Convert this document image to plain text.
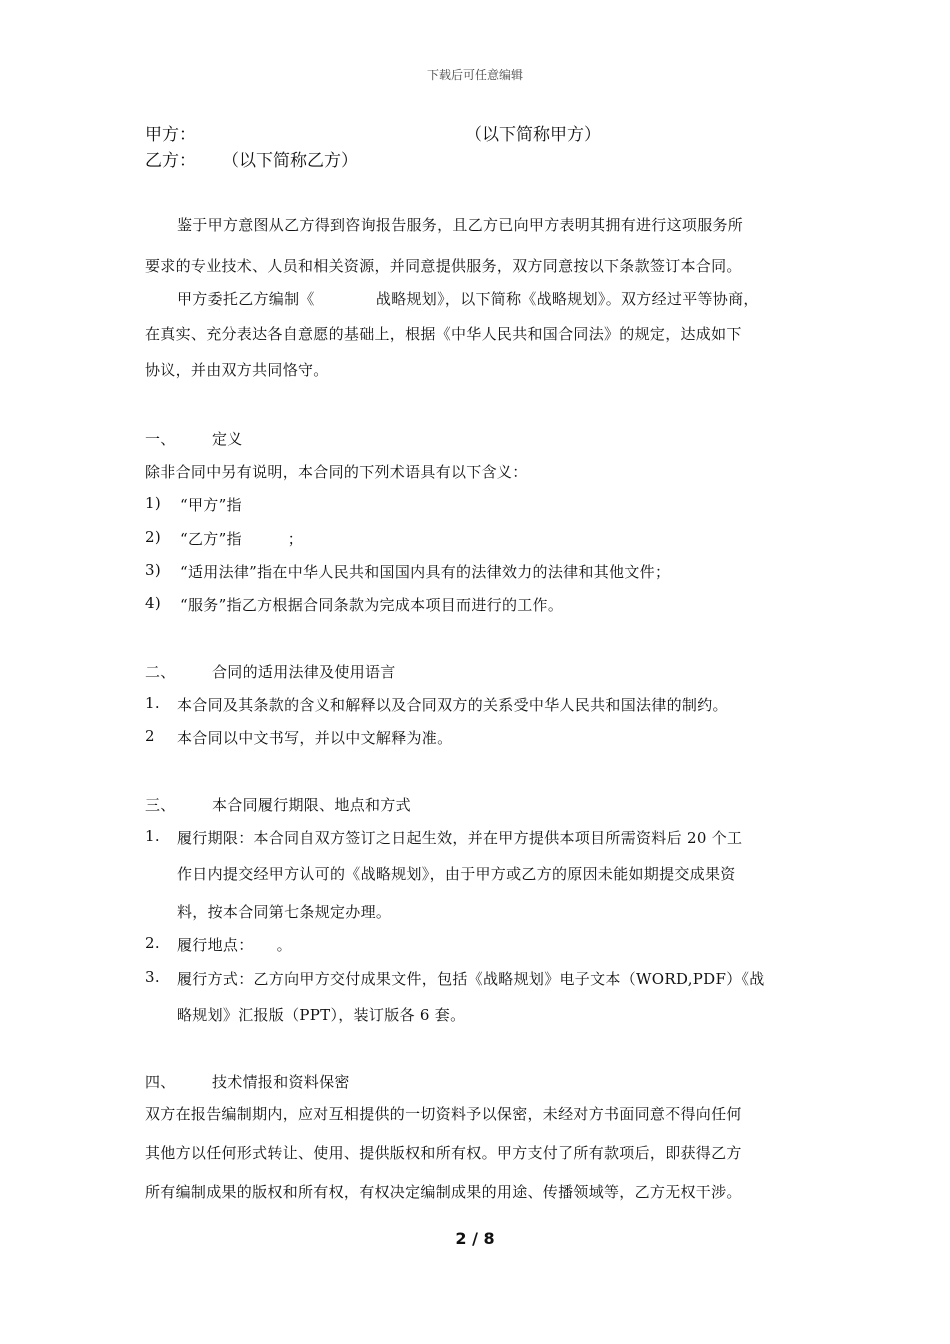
下载后可任意编辑
甲方：	（以下简称甲方）
乙方： （以下简称乙方）
鉴于甲方意图从乙方得到咨询报告服务，且乙方已向甲方表明其拥有进行这项服务所
要求的专业技术、人员和相关资源，并同意提供服务，双方同意按以下条款签订本合同。
甲方委托乙方编制《　　　　战略规划》，以下简称《战略规划》。双方经过平等协商，
在真实、充分表达各自意愿的基础上，根据《中华人民共和国合同法》的规定，达成如下
协议，并由双方共同恪守。
一、 定义
除非合同中另有说明，本合同的下列术语具有以下含义：
1) “甲方”指
2) “乙方”指　　　；
3) “适用法律”指在中华人民共和国国内具有的法律效力的法律和其他文件；
4) “服务”指乙方根据合同条款为完成本项目而进行的工作。
二、 合同的适用法律及使用语言
1. 本合同及其条款的含义和解释以及合同双方的关系受中华人民共和国法律的制约。
2 本合同以中文书写，并以中文解释为准。
三、 本合同履行期限、地点和方式
1. 履行期限：本合同自双方签订之日起生效，并在甲方提供本项目所需资料后 20 个工
作日内提交经甲方认可的《战略规划》，由于甲方或乙方的原因未能如期提交成果资
料，按本合同第七条规定办理。
2. 履行地点：　　。
3. 履行方式：乙方向甲方交付成果文件，包括《战略规划》电子文本（WORD,PDF）《战
略规划》汇报版（PPT），装订版各 6 套。
四、 技术情报和资料保密
双方在报告编制期内，应对互相提供的一切资料予以保密，未经对方书面同意不得向任何
其他方以任何形式转让、使用、提供版权和所有权。甲方支付了所有款项后，即获得乙方
所有编制成果的版权和所有权，有权决定编制成果的用途、传播领域等，乙方无权干涉。
2 / 8
